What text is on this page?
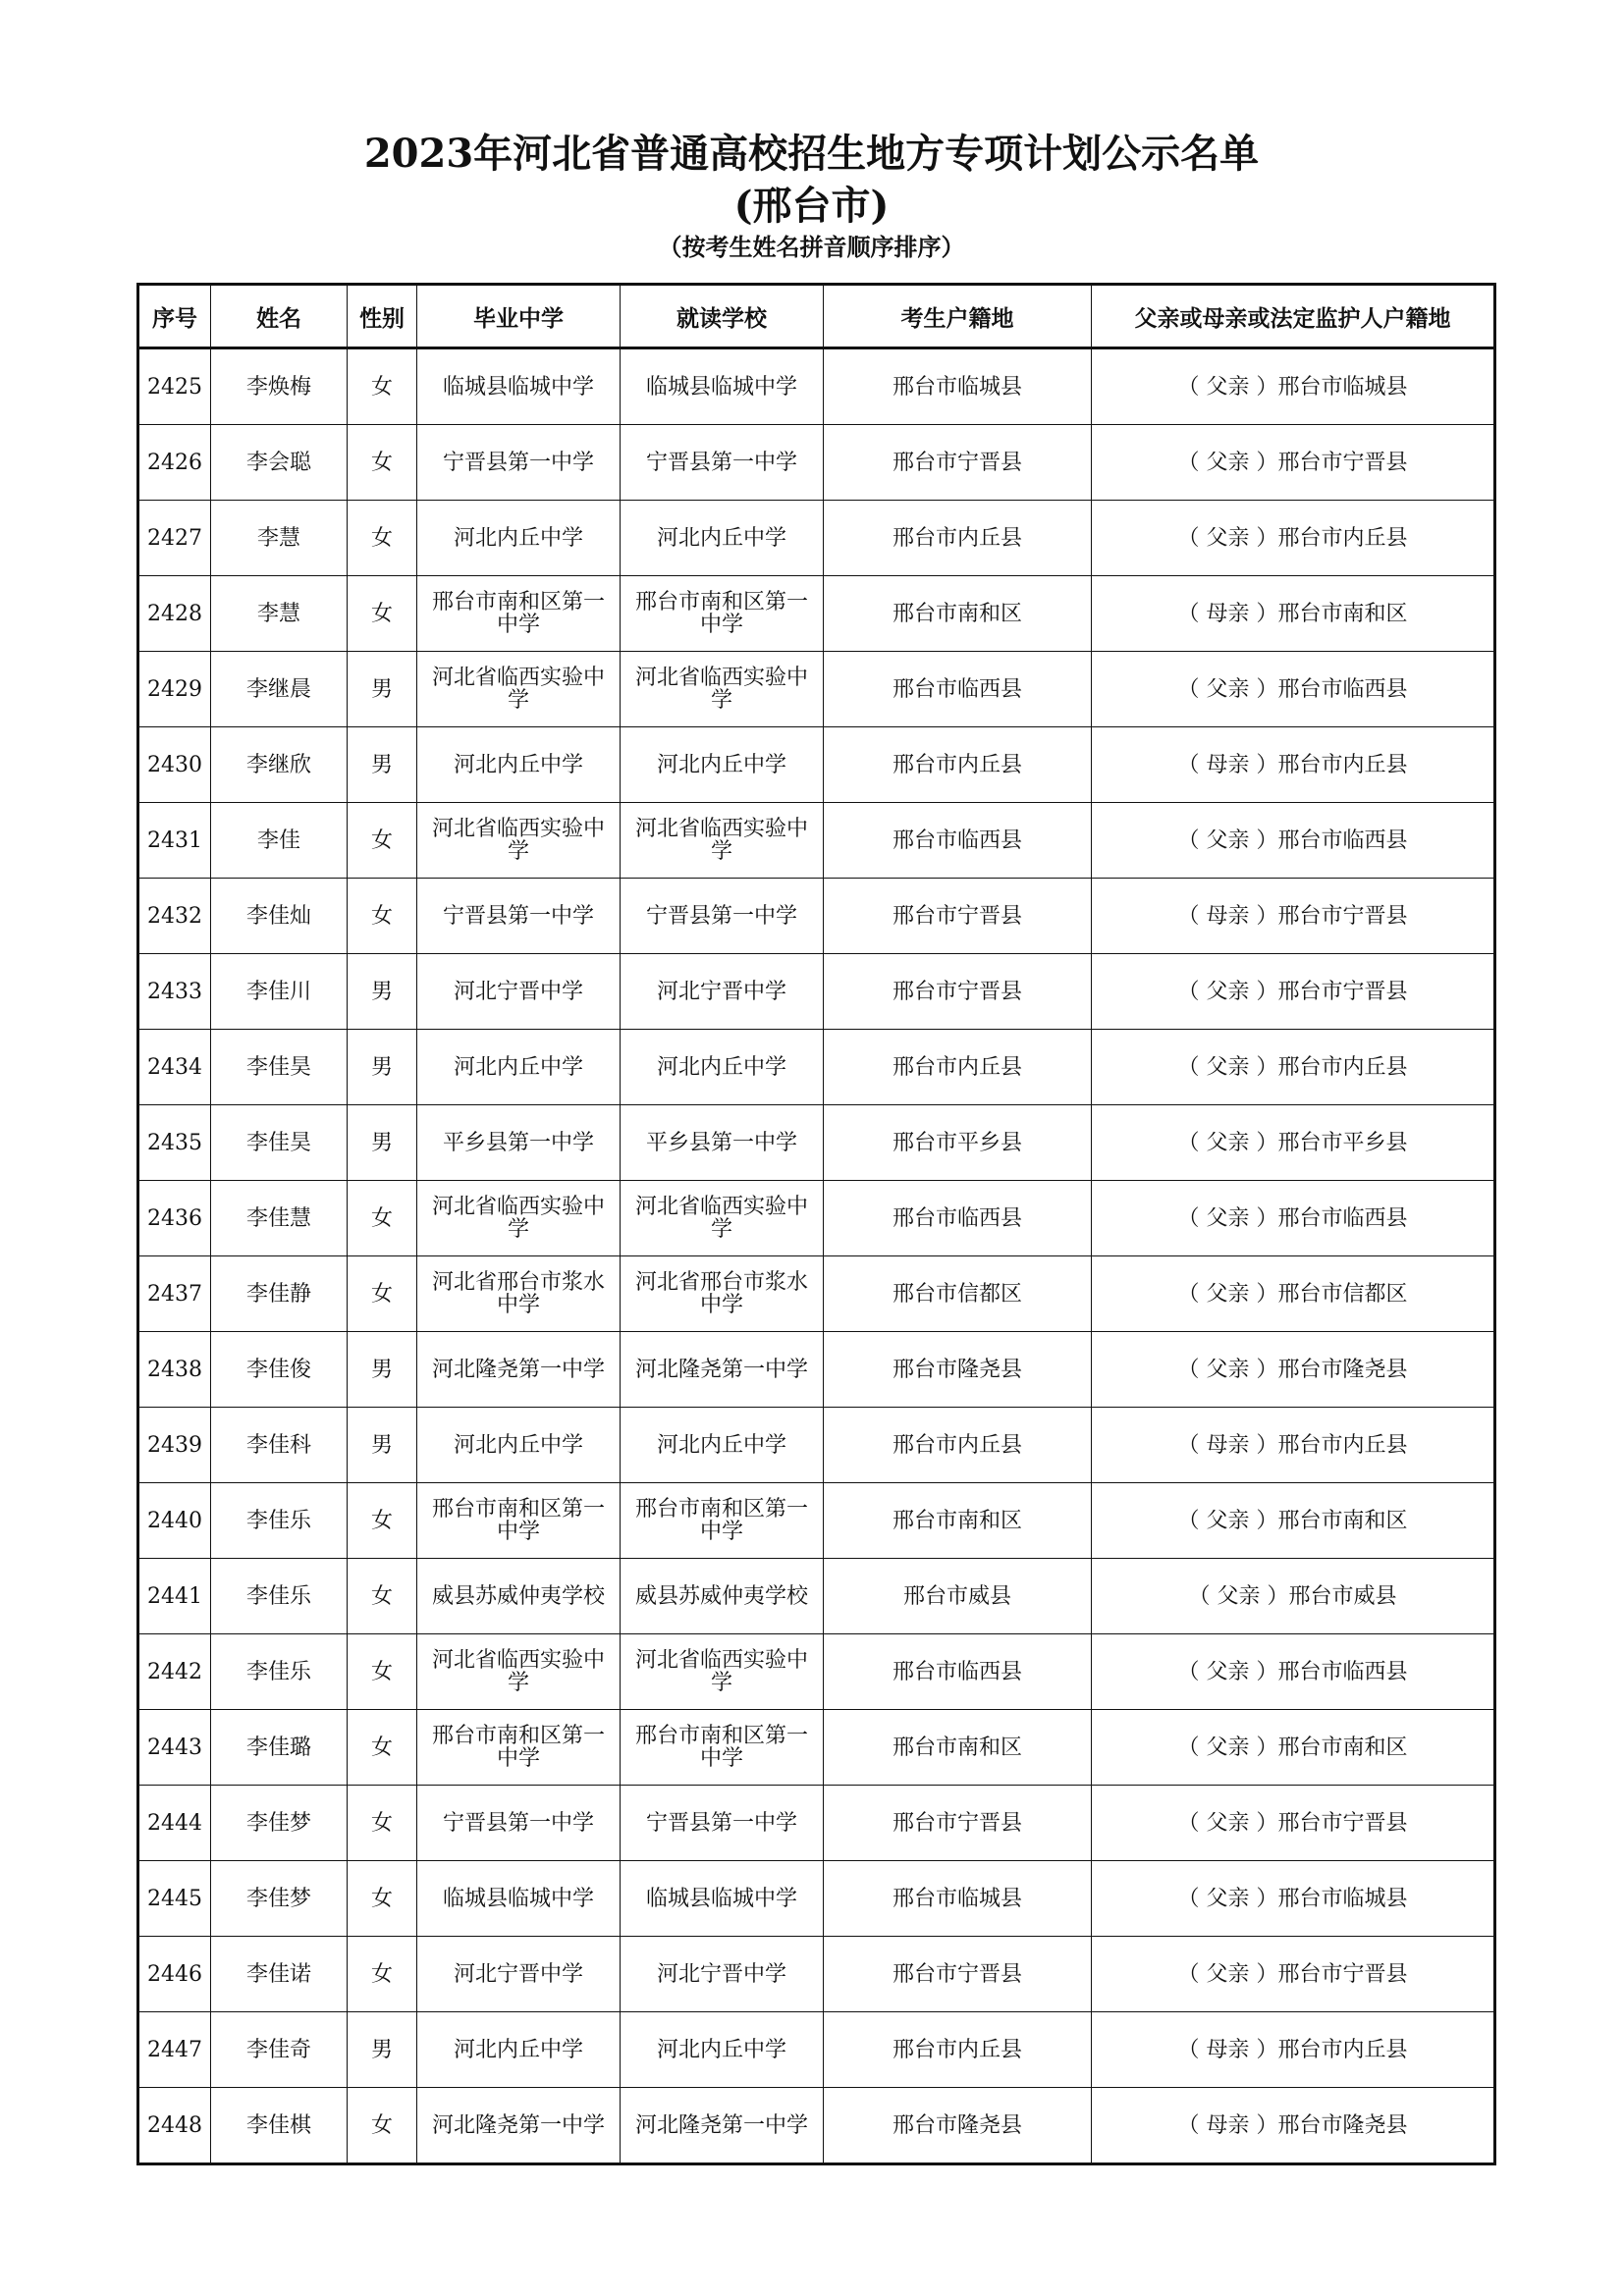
2023年河北省普通高校招生地方专项计划公示名单
(邢台市)
（按考生姓名拼音顺序排序）
序号	姓名	性别	毕业中学	就读学校	考生户籍地	父亲或母亲或法定监护人户籍地
2425	李焕梅	女	临城县临城中学	临城县临城中学	邢台市临城县	（ 父亲 ）邢台市临城县
2426	李会聪	女	宁晋县第一中学	宁晋县第一中学	邢台市宁晋县	（ 父亲 ）邢台市宁晋县
2427	李慧	女	河北内丘中学	河北内丘中学	邢台市内丘县	（ 父亲 ）邢台市内丘县
2428	李慧	女	邢台市南和区第一中学	邢台市南和区第一中学	邢台市南和区	（ 母亲 ）邢台市南和区
2429	李继晨	男	河北省临西实验中学	河北省临西实验中学	邢台市临西县	（ 父亲 ）邢台市临西县
2430	李继欣	男	河北内丘中学	河北内丘中学	邢台市内丘县	（ 母亲 ）邢台市内丘县
2431	李佳	女	河北省临西实验中学	河北省临西实验中学	邢台市临西县	（ 父亲 ）邢台市临西县
2432	李佳灿	女	宁晋县第一中学	宁晋县第一中学	邢台市宁晋县	（ 母亲 ）邢台市宁晋县
2433	李佳川	男	河北宁晋中学	河北宁晋中学	邢台市宁晋县	（ 父亲 ）邢台市宁晋县
2434	李佳昊	男	河北内丘中学	河北内丘中学	邢台市内丘县	（ 父亲 ）邢台市内丘县
2435	李佳昊	男	平乡县第一中学	平乡县第一中学	邢台市平乡县	（ 父亲 ）邢台市平乡县
2436	李佳慧	女	河北省临西实验中学	河北省临西实验中学	邢台市临西县	（ 父亲 ）邢台市临西县
2437	李佳静	女	河北省邢台市浆水中学	河北省邢台市浆水中学	邢台市信都区	（ 父亲 ）邢台市信都区
2438	李佳俊	男	河北隆尧第一中学	河北隆尧第一中学	邢台市隆尧县	（ 父亲 ）邢台市隆尧县
2439	李佳科	男	河北内丘中学	河北内丘中学	邢台市内丘县	（ 母亲 ）邢台市内丘县
2440	李佳乐	女	邢台市南和区第一中学	邢台市南和区第一中学	邢台市南和区	（ 父亲 ）邢台市南和区
2441	李佳乐	女	威县苏威仲夷学校	威县苏威仲夷学校	邢台市威县	（ 父亲 ）邢台市威县
2442	李佳乐	女	河北省临西实验中学	河北省临西实验中学	邢台市临西县	（ 父亲 ）邢台市临西县
2443	李佳璐	女	邢台市南和区第一中学	邢台市南和区第一中学	邢台市南和区	（ 父亲 ）邢台市南和区
2444	李佳梦	女	宁晋县第一中学	宁晋县第一中学	邢台市宁晋县	（ 父亲 ）邢台市宁晋县
2445	李佳梦	女	临城县临城中学	临城县临城中学	邢台市临城县	（ 父亲 ）邢台市临城县
2446	李佳诺	女	河北宁晋中学	河北宁晋中学	邢台市宁晋县	（ 父亲 ）邢台市宁晋县
2447	李佳奇	男	河北内丘中学	河北内丘中学	邢台市内丘县	（ 母亲 ）邢台市内丘县
2448	李佳棋	女	河北隆尧第一中学	河北隆尧第一中学	邢台市隆尧县	（ 母亲 ）邢台市隆尧县
